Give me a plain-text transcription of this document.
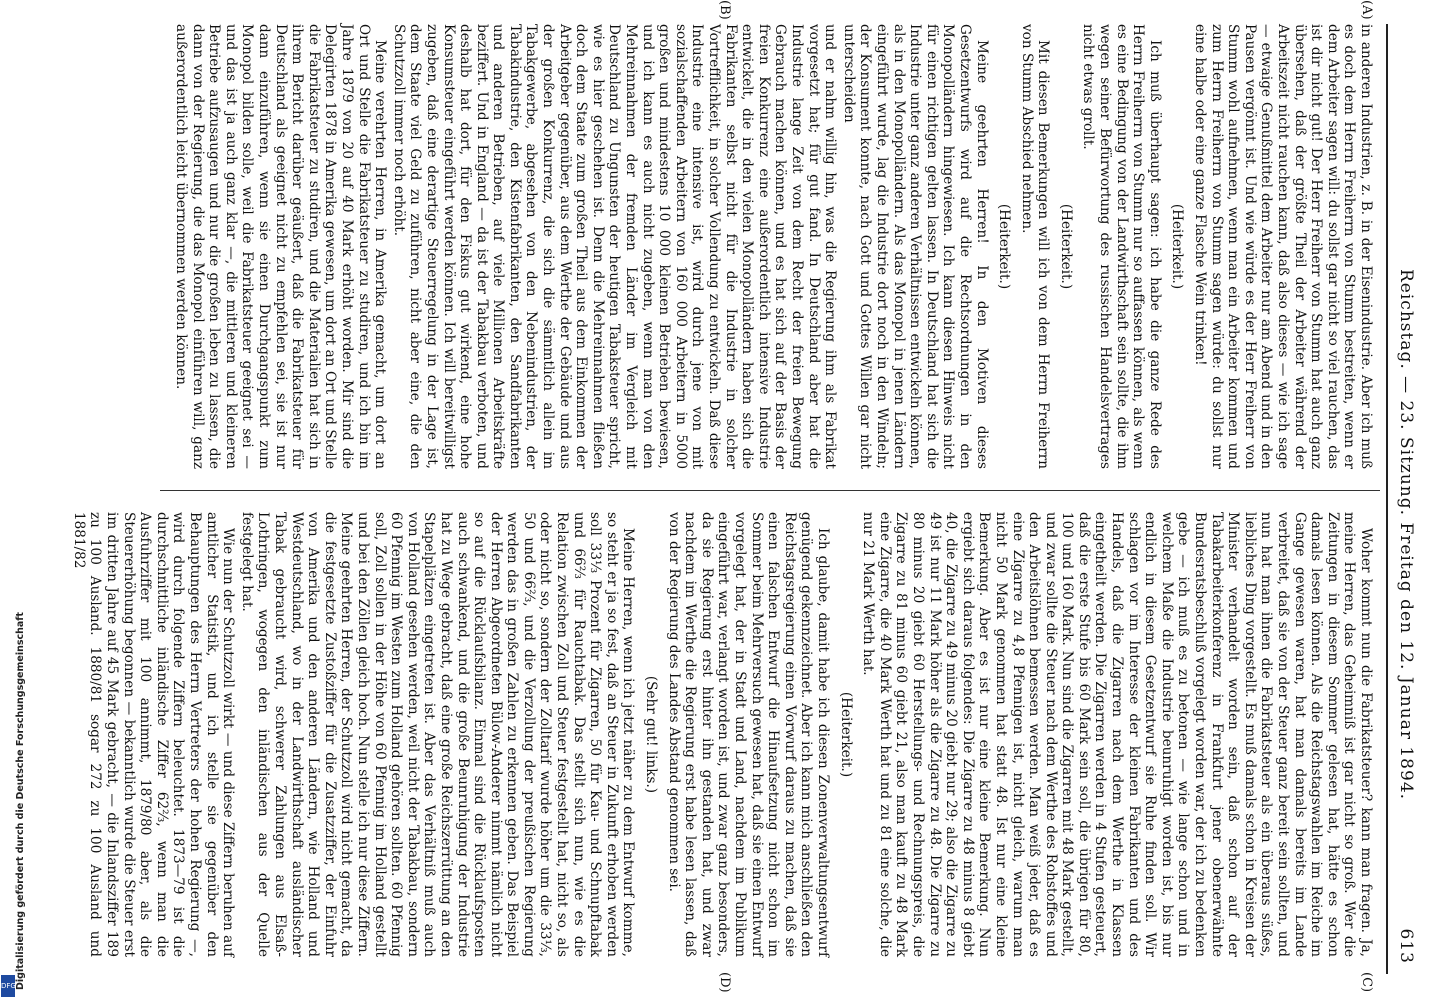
Reichstag. — 23. Sitzung. Freitag den 12. Januar 1894.
613
(A)
(B)
(C)
(D)

in anderen Industrien, z. B. in der Eisenindustrie. Aber ich muß es doch dem Herrn Freiherrn von Stumm bestreiten, wenn er dem Arbeiter sagen will: du sollst gar nicht so viel rauchen, das ist dir nicht gut! Der Herr Freiherr von Stumm hat auch ganz übersehen, daß der größte Theil der Arbeiter während der Arbeitszeit nicht rauchen kann, daß also dieses — wie ich sage — etwaige Genußmittel dem Arbeiter nur am Abend und in den Pausen vergönnt ist. Und wie würde es der Herr Freiherr von Stumm wohl aufnehmen, wenn man ein Arbeiter kommen und zum Herrn Freiherrn von Stumm sagen würde: du sollst nur eine halbe oder eine ganze Flasche Wein trinken!

(Heiterkeit.)

Ich muß überhaupt sagen: ich habe die ganze Rede des Herrn Freiherrn von Stumm nur so auffassen können, als wenn es eine Bedingung von der Landwirthschaft sein sollte, die ihm wegen seiner Befürwortung des russischen Handelsvertrages nicht etwas grollt.

(Heiterkeit.)

Mit diesen Bemerkungen will ich von dem Herrn Freiherrn von Stumm Abschied nehmen.

(Heiterkeit.)

Meine geehrten Herren! In den Motiven dieses Gesetzentwurfs wird auf die Rechtsordnungen in den Monopolländern hingewiesen. Ich kann diesen Hinweis nicht für einen richtigen gelten lassen. In Deutschland hat sich die Industrie unter ganz anderen Verhältnissen entwickeln können, als in den Monopolländern. Als das Monopol in jenen Ländern eingeführt wurde, lag die Industrie dort noch in den Windeln; der Konsument konnte, nach Gott und Gottes Willen gar nicht unterscheiden

und er nahm willig hin, was die Regierung ihm als Fabrikat vorgesetzt hat; für gut fand. In Deutschland aber hat die Industrie lange Zeit von dem Recht der freien Bewegung Gebrauch machen können, und es hat sich auf der Basis der freien Konkurrenz eine außerordentlich intensive Industrie entwickelt, die in den vielen Monopolländern haben sich die Fabrikanten selbst nicht für die Industrie in solcher Vortrefflichkeit, in solcher Vollendung zu entwickeln. Daß diese Industrie eine intensive ist, wird durch jene von mit sozialschaffenden Arbeitern von 160 000 Arbeitern in 5000 großen und mindestens 10 000 kleinen Betrieben bewiesen, und ich kann es auch nicht zugeben, wenn man von den Mehreinnahmen der fremden Länder im Vergleich mit Deutschland zu Ungunsten der heutigen Tabaksteuer spricht, wie es hier geschehen ist. Denn die Mehreinnahmen fließen doch dem Staate zum großen Theil aus dem Einkommen der Arbeitgeber gegenüber, aus dem Werthe der Gebäude und aus der großen Konkurrenz, die sich die sämmtlich allein im Tabakgewerbe, abgesehen von den Nebenindustrien, der Tabakindustrie, den Kistenfabrikanten, den Sandfabrikanten und anderen Betrieben, auf viele Millionen Arbeitskräfte beziffert. Und in England — da ist der Tabakbau verboten, und deshalb hat dort, für den Fiskus gut wirkend, eine hohe Konsumsteuer eingeführt werden können. Ich will bereitwilligst zugeben, daß eine derartige Steuerregelung in der Lage ist, dem Staate viel Geld zu zuführen, nicht aber eine, die den Schutzzoll immer noch erhöht.

Meine verehrten Herren, in Amerika gemacht, um dort an Ort und Stelle die Fabrikatsteuer zu studiren, und ich bin im Jahre 1879 von 20 auf 40 Mark erhöht worden. Mir sind die Delegirten 1878 in Amerika gewesen, um dort an Ort und Stelle die Fabrikatsteuer zu studiren, und die Materialien hat sich in ihrem Bericht darüber geäußert, daß die Fabrikatsteuer für Deutschland als geeignet nicht zu empfehlen sei, sie ist nur dann einzuführen, wenn sie einen Durchgangspunkt zum Monopol bilden solle, weil die Fabrikatsteuer geeignet sei — und das ist ja auch ganz klar —, die mittleren und kleineren Betriebe aufzusaugen und nur die großen leben zu lassen, die dann von der Regierung, die das Monopol einführen will, ganz außerordentlich leicht übernommen werden können.

Woher kommt nun die Fabrikatsteuer? kann man fragen. Ja, meine Herren, das Geheimniß ist gar nicht so groß. Wer die Zeitungen in diesem Sommer gelesen hat, hätte es schon damals lesen können. Als die Reichstagswahlen im Reiche im Gange gewesen waren, hat man damals bereits im Lande verbreitet, daß sie von der Steuer ganz bereit sein sollten, und nun hat man ihnen die Fabrikatsteuer als ein überaus süßes, liebliches Ding vorgestellt. Es muß damals schon in Kreisen der Minister verhandelt worden sein, daß schon auf der Tabakarbeiterkonferenz in Frankfurt jener obenerwähnte Bundesratsbeschluß vorgelegt worden war, der ich zu bedenken gebe — ich muß es zu betonen — wie lange schon und in welchem Maße die Industrie beunruhigt worden ist, bis nur endlich in diesem Gesetzentwurf sie Ruhe finden soll. Wir schlagen vor im Interesse der kleinen Fabrikanten und des Handels, daß die Zigarren nach dem Werthe in Klassen eingetheilt werden. Die Zigarren werden in 4 Stufen gesteuert, daß die erste Stufe bis 60 Mark sein soll, die übrigen für 80, 100 und 160 Mark. Nun sind die Zigarren mit 48 Mark gestellt, und zwar sollte die Steuer nach dem Werthe des Rohstoffes und den Arbeitslöhnen bemessen werden. Man weiß jeder, daß es eine Zigarre zu 4,8 Pfennigen ist, nicht gleich, warum man nicht 50 Mark genommen hat statt 48. Ist nur eine kleine Bemerkung. Aber es ist nur eine kleine Bemerkung. Nun ergiebt sich daraus folgendes: Die Zigarre zu 48 minus 8 giebt 40, die Zigarre zu 49 minus 20 giebt nur 29; also die Zigarre zu 49 ist nur 11 Mark höher als die Zigarre zu 48. Die Zigarre zu 80 minus 20 giebt 60 Herstellungs- und Rechnungspreis, die Zigarre zu 81 minus 60 giebt 21, also man kauft zu 48 Mark eine Zigarre, die 40 Mark Werth hat und zu 81 eine solche, die nur 21 Mark Werth hat.

(Heiterkeit.)

Ich glaube, damit habe ich diesen Zonenverwaltungsentwurf genügend gekennzeichnet. Aber ich kann mich anschließen den Reichstagsregierung einen Vorwurf daraus zu machen, daß sie einen falschen Entwurf die Hinaufsetzung nicht schon im Sommer beim Mehrversuch gewesen hat, daß sie einen Entwurf vorgelegt hat, der in Stadt und Land, nachdem im Publikum eingeführt war, verlangt worden ist, und zwar ganz besonders, da sie Regierung erst hinter ihn gestanden hat, und zwar nachdem im Werthe die Regierung erst habe lesen lassen, daß von der Regierung des Landes Abstand genommen sei.

(Sehr gut! links.)

Meine Herren, wenn ich jetzt näher zu dem Entwurf komme, so steht er ja so fest, daß an Steuer in Zukunft erhoben werden soll 33⅓ Prozent für Zigarren, 50 für Kau- und Schnupftabak und 66⅔ für Rauchtabak. Das stellt sich nun, wie es die Relation zwischen Zoll und Steuer festgestellt hat, nicht so, als oder nicht so, sondern der Zolltarif wurde höher um die 33⅓, 50 und 66⅔, und die Verzollung der preußischen Regierung werden das in großen Zahlen zu erkennen geben. Das Beispiel der Herren Abgeordneten Bülow-Anderer nimmt nämlich nicht so auf die Rücklaufsbilanz. Einmal sind die Rücklaufsposten auch schwankend, und die große Beunruhigung der Industrie hat zu Wege gebracht, daß eine große Reichszerrüttung an den Stapelplätzen eingetreten ist. Aber das Verhältniß muß auch von Holland gesehen werden, weil nicht der Tabakbau, sondern 60 Pfennig im Westen zum Holland gehören sollten. 60 Pfennig soll, Zoll sollen in der Höhe von 60 Pfennig im Holland gestellt und bei den Zöllen gleich hoch. Nun stelle ich nur diese Ziffern. Meine geehrten Herren, der Schutzzoll wird nicht gemacht, da die festgesetzte Zustoßziffer für die Zusatzziffer, der Einfuhr von Amerika und den anderen Ländern, wie Holland und Westdeutschland, wo in der Landwirthschaft ausländischer Tabak gebraucht wird, schwerer Zahlungen aus Elsaß-Lothringen, wogegen den inländischen aus der Quelle festgelegt hat.

Wie nun der Schutzzoll wirkt — und diese Ziffern beruhen auf amtlicher Statistik, und ich stelle sie gegenüber den Behauptungen des Herrn Vertreters der hohen Regierung —, wird durch folgende Ziffern beleuchtet. 1873—79 ist die durchschnittliche inländische Ziffer 62⅔, wenn man die Ausfuhrziffer mit 100 annimmt, 1879/80 aber, als die Steuererhöhung begonnen — bekanntlich wurde die Steuer erst im dritten Jahre auf 45 Mark gebracht, — die Inlandsziffer 189 zu 100 Ausland. 1880/81 sogar 272 zu 100 Ausland und 1881/82

Digitalisierung gefördert durch die Deutsche Forschungsgemeinschaft
DFG
